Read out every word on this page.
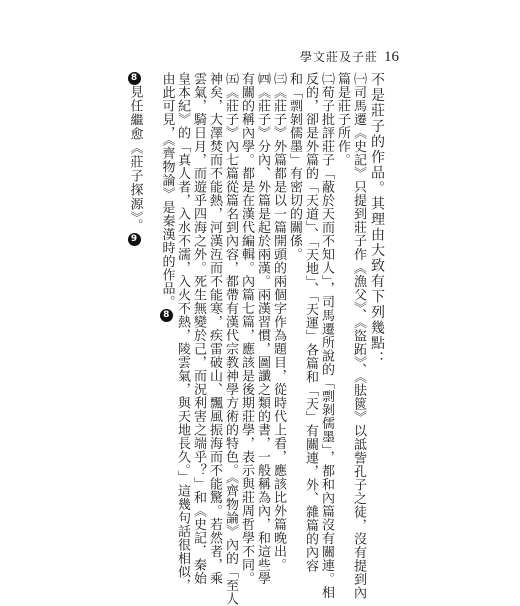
學文莊及子莊 16
不是莊子的作品。其理由大致有下列幾點：
㈠司馬遷《史記》只提到莊子作《漁父》、《盜跖》、《胠篋》以詆訾孔子之徒，沒有提到內
篇是莊子所作。
㈡荀子批評莊子「蔽於天而不知人」，司馬遷所說的「剽剝儒墨」，都和內篇沒有關連。相
反的，卻是外篇的「天道」、「天地」、「天運」各篇和「天」有關連，外、雜篇的內容
和「剽剝儒墨」有密切的關係。
㈢《莊子》外篇都是以一篇開頭的兩個字作為題目，從時代上看，應該比外篇晚出。
㈣《莊子》分內、外篇是起於兩漢。兩漢習慣，圖讖之類的書，一般稱為內，和這些學
有關的稱內學。都是在漢代編輯。內篇七篇，應該是後期莊學，表示與莊周哲學不同。
㈤《莊子》內七篇從篇名到內容，都帶有漢代宗教神學方術的特色。《齊物論》內的「至人
神矣，大澤焚而不能熱，河漢沍而不能寒，疾雷破山、飄風振海而不能驚。若然者，乘
雲氣，騎日月，而遊乎四海之外。死生無變於己，而況利害之端乎？」和《史記．秦始
皇本紀》的「真人者，入水不濡，入火不熱，陵雲氣，與天地長久。」這幾句話很相似，
由此可見，《齊物論》是秦漢時的作品。8
8見任繼愈《莊子探源》。9
